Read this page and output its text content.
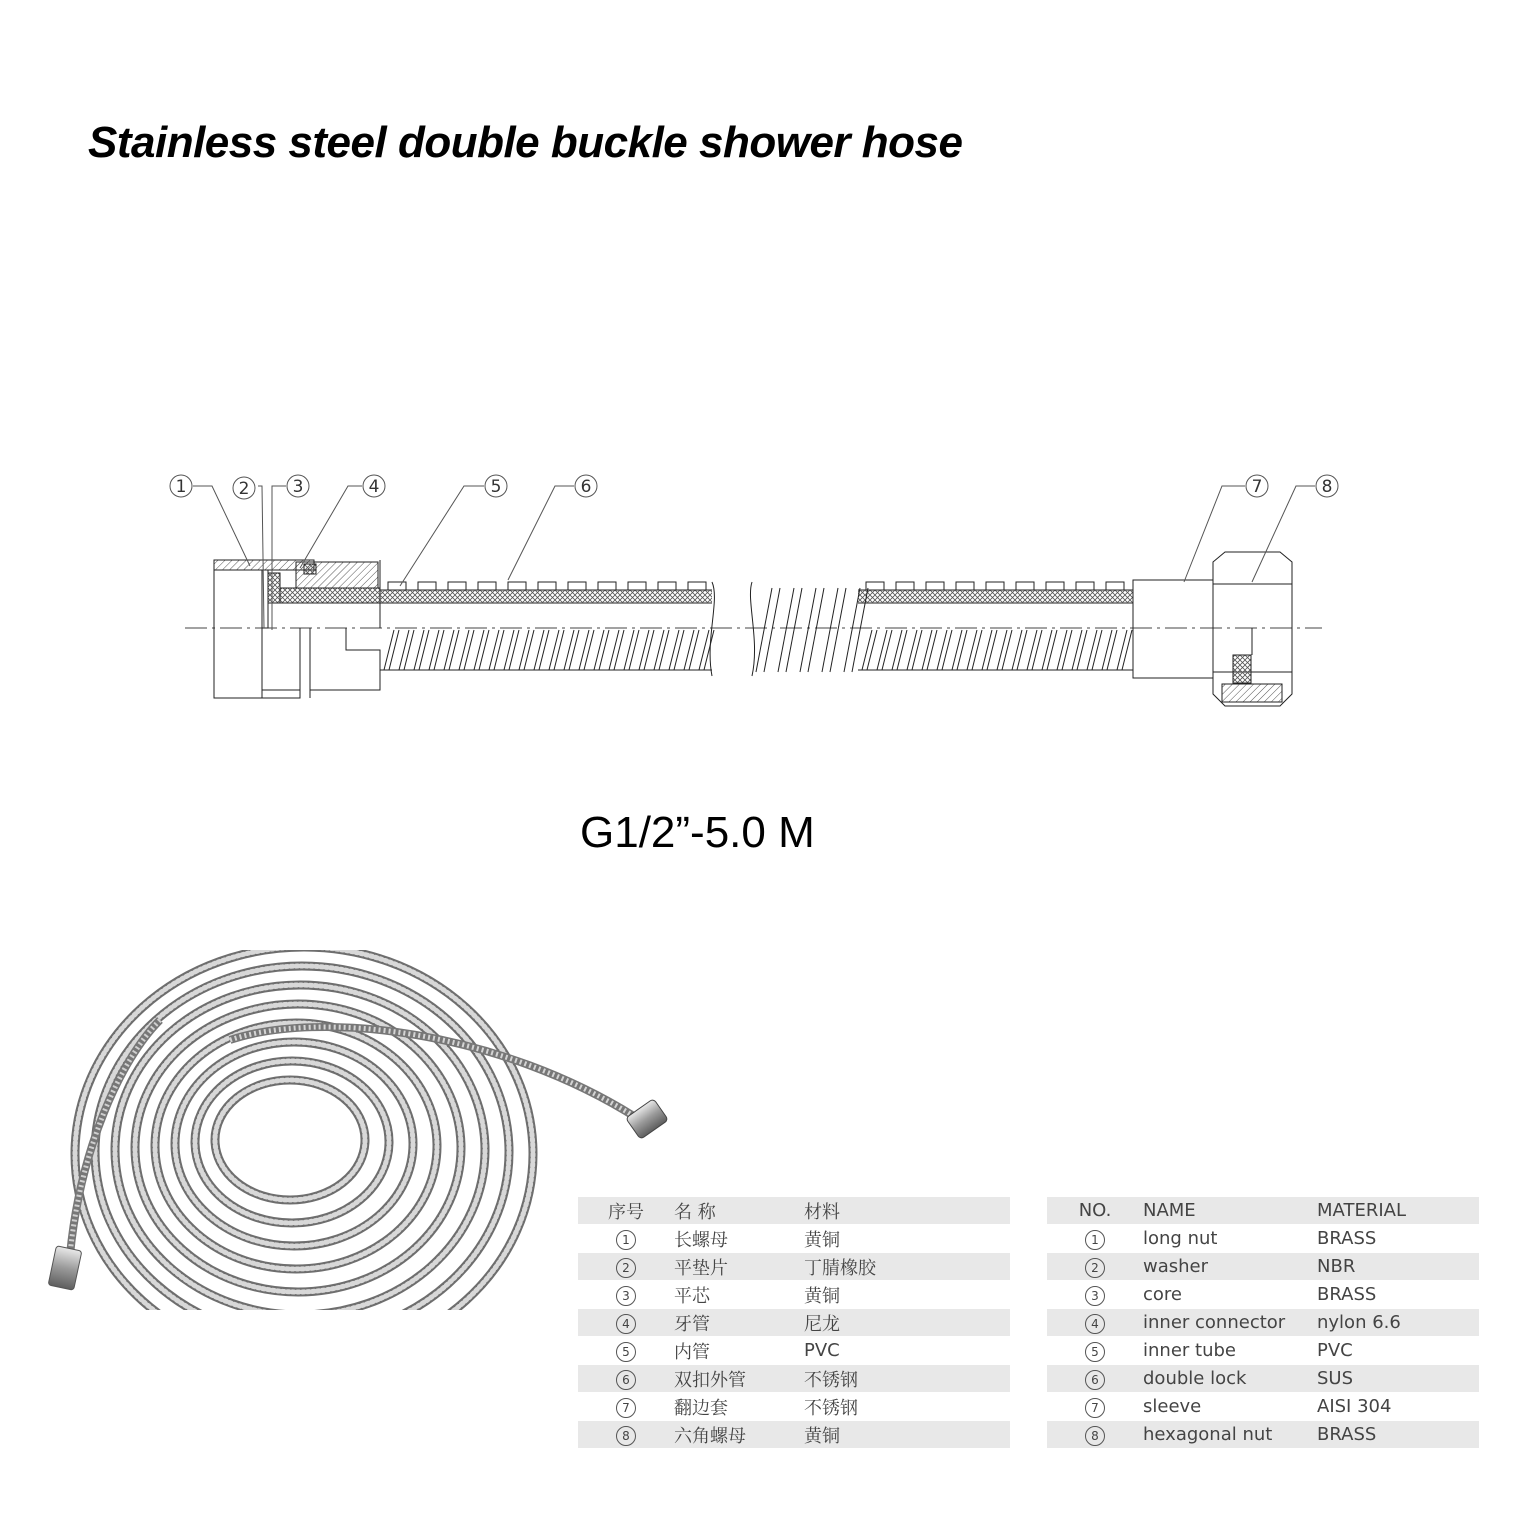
Stainless steel double buckle shower hose
1	2	3	4	5	6	7	8
G1/2”-5.0 M
序号	名 称	材料
1	长螺母	黄铜
2	平垫片	丁腈橡胶
3	平芯	黄铜
4	牙管	尼龙
5	内管	PVC
6	双扣外管	不锈钢
7	翻边套	不锈钢
8	六角螺母	黄铜
NO.	NAME	MATERIAL
1	long nut	BRASS
2	washer	NBR
3	core	BRASS
4	inner connector	nylon 6.6
5	inner tube	PVC
6	double lock	SUS
7	sleeve	AISI 304
8	hexagonal nut	BRASS
